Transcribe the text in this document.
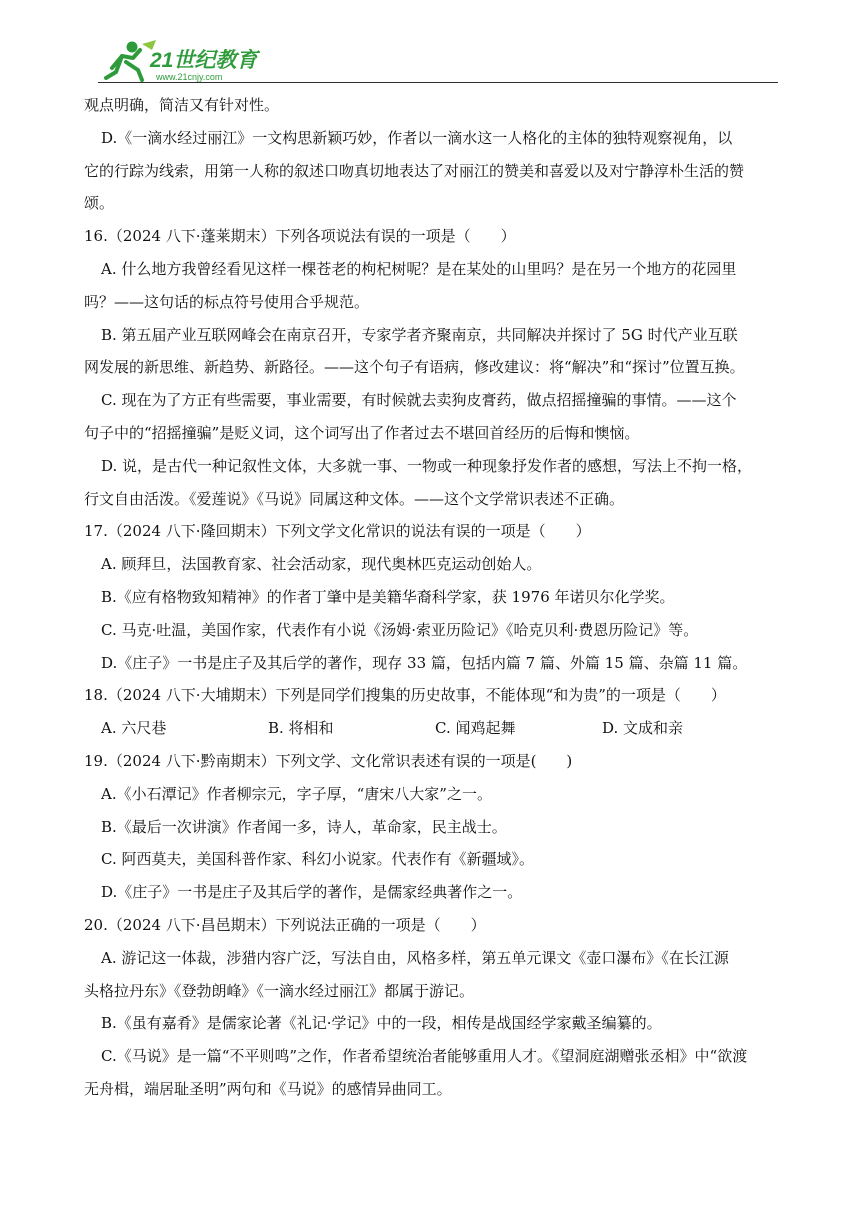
21世纪教育
www.21cnjy.com
观点明确，简洁又有针对性。
D.《一滴水经过丽江》一文构思新颖巧妙，作者以一滴水这一人格化的主体的独特观察视角，以
它的行踪为线索，用第一人称的叙述口吻真切地表达了对丽江的赞美和喜爱以及对宁静淳朴生活的赞
颂。
16.（2024 八下·蓬莱期末）下列各项说法有误的一项是（　　）
A. 什么地方我曾经看见这样一棵苍老的枸杞树呢？是在某处的山里吗？是在另一个地方的花园里
吗？——这句话的标点符号使用合乎规范。
B. 第五届产业互联网峰会在南京召开，专家学者齐聚南京，共同解决并探讨了 5G 时代产业互联
网发展的新思维、新趋势、新路径。——这个句子有语病，修改建议：将“解决”和“探讨”位置互换。
C. 现在为了方正有些需要，事业需要，有时候就去卖狗皮膏药，做点招摇撞骗的事情。——这个
句子中的“招摇撞骗”是贬义词，这个词写出了作者过去不堪回首经历的后悔和懊恼。
D. 说，是古代一种记叙性文体，大多就一事、一物或一种现象抒发作者的感想，写法上不拘一格，
行文自由活泼。《爱莲说》《马说》同属这种文体。——这个文学常识表述不正确。
17.（2024 八下·隆回期末）下列文学文化常识的说法有误的一项是（　　）
A. 顾拜旦，法国教育家、社会活动家，现代奥林匹克运动创始人。
B.《应有格物致知精神》的作者丁肇中是美籍华裔科学家，获 1976 年诺贝尔化学奖。
C. 马克·吐温，美国作家，代表作有小说《汤姆·索亚历险记》《哈克贝利·费恩历险记》等。
D.《庄子》一书是庄子及其后学的著作，现存 33 篇，包括内篇 7 篇、外篇 15 篇、杂篇 11 篇。
18.（2024 八下·大埔期末）下列是同学们搜集的历史故事，不能体现“和为贵”的一项是（　　）
A. 六尺巷	B. 将相和	C. 闻鸡起舞	D. 文成和亲
19.（2024 八下·黔南期末）下列文学、文化常识表述有误的一项是(　　)
A.《小石潭记》作者柳宗元，字子厚，“唐宋八大家”之一。
B.《最后一次讲演》作者闻一多，诗人，革命家，民主战士。
C. 阿西莫夫，美国科普作家、科幻小说家。代表作有《新疆域》。
D.《庄子》一书是庄子及其后学的著作，是儒家经典著作之一。
20.（2024 八下·昌邑期末）下列说法正确的一项是（　　）
A. 游记这一体裁，涉猎内容广泛，写法自由，风格多样，第五单元课文《壶口瀑布》《在长江源
头格拉丹东》《登勃朗峰》《一滴水经过丽江》都属于游记。
B.《虽有嘉肴》是儒家论著《礼记·学记》中的一段，相传是战国经学家戴圣编纂的。
C.《马说》是一篇“不平则鸣”之作，作者希望统治者能够重用人才。《望洞庭湖赠张丞相》中“欲渡
无舟楫，端居耻圣明”两句和《马说》的感情异曲同工。
